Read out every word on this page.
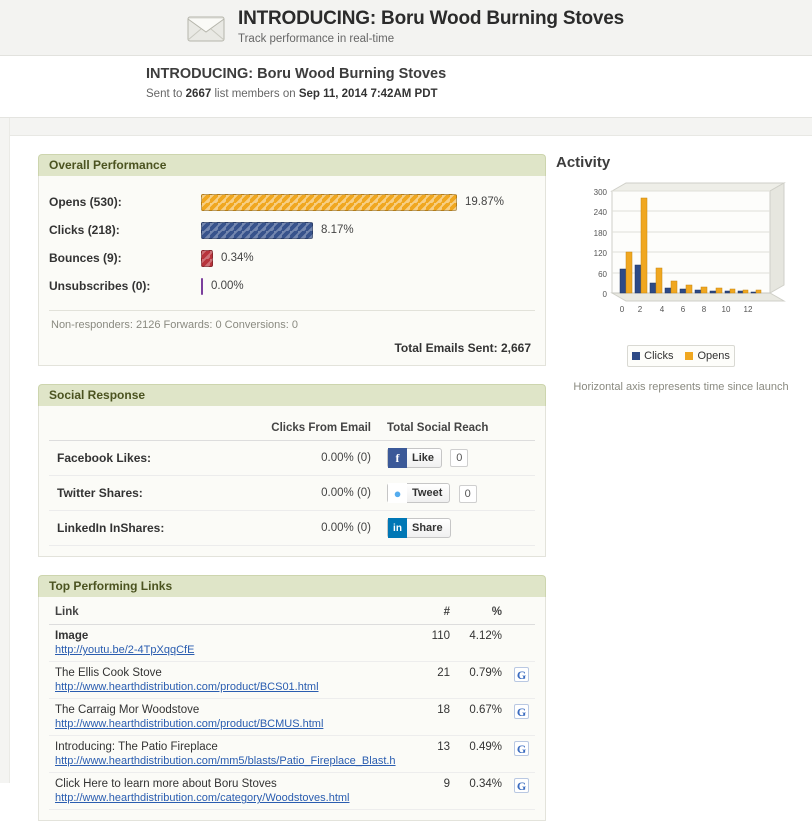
INTRODUCING: Boru Wood Burning Stoves
Track performance in real-time
INTRODUCING: Boru Wood Burning Stoves
Sent to 2667 list members on Sep 11, 2014 7:42AM PDT
Overall Performance
Opens (530):	19.87%
Clicks (218):	8.17%
Bounces (9):	0.34%
Unsubscribes (0):	0.00%
Non-responders: 2126 Forwards: 0 Conversions: 0
Total Emails Sent: 2,667
Social Response
	Clicks From Email	Total Social Reach
Facebook Likes:	0.00% (0)	f Like 0
Twitter Shares:	0.00% (0)	● Tweet 0
LinkedIn InShares:	0.00% (0)	in Share
Top Performing Links
Link	#	%	

Image
http://youtu.be/2-4TpXqqCfE	110	4.12%	

The Ellis Cook Stove
http://www.hearthdistribution.com/product/BCS01.html	21	0.79%	G

The Carraig Mor Woodstove
http://www.hearthdistribution.com/product/BCMUS.html	18	0.67%	G

Introducing: The Patio Fireplace
http://www.hearthdistribution.com/mm5/blasts/Patio_Fireplace_Blast.h	13	0.49%	G

Click Here to learn more about Boru Stoves
http://www.hearthdistribution.com/category/Woodstoves.html	9	0.34%	G
Activity
300
240
180
120
60
0
0 2 4 6 8 10 12
Clicks Opens
Horizontal axis represents time since launch
